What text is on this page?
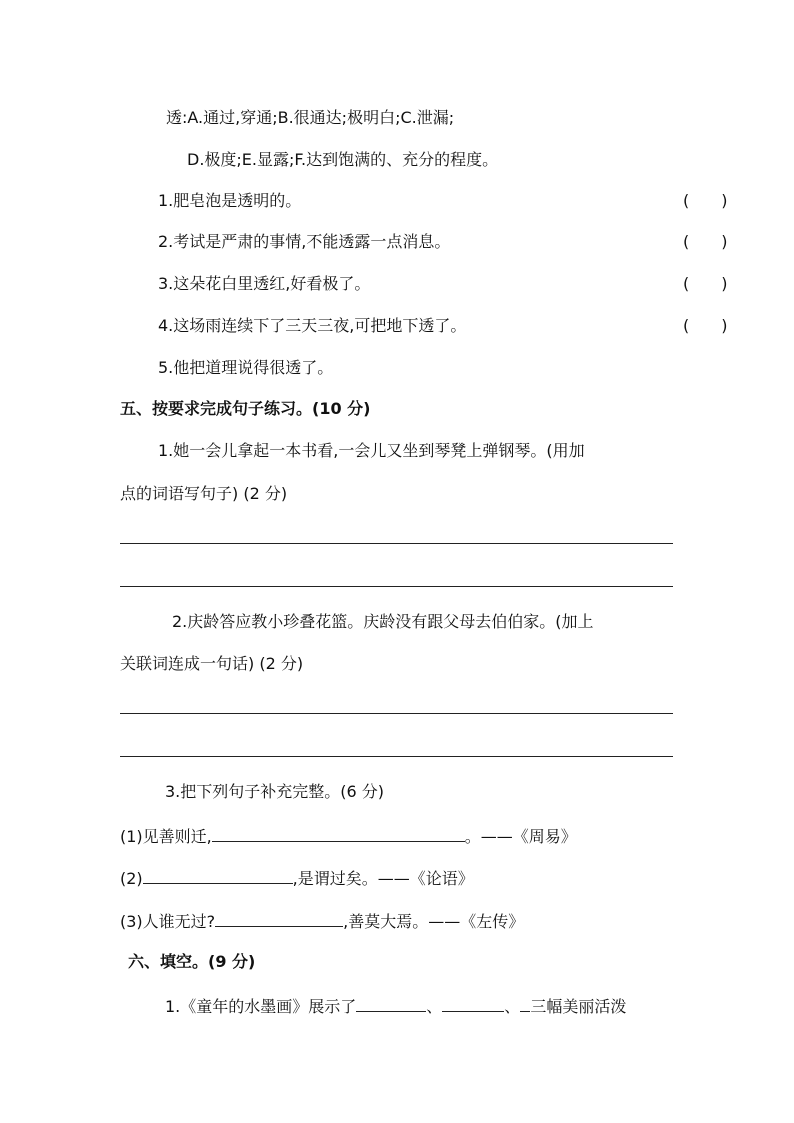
透:A.通过,穿通;B.很通达;极明白;C.泄漏;
D.极度;E.显露;F.达到饱满的、充分的程度。
1.肥皂泡是透明的。	(　　)
2.考试是严肃的事情,不能透露一点消息。	(　　)
3.这朵花白里透红,好看极了。	(　　)
4.这场雨连续下了三天三夜,可把地下透了。	(　　)
5.他把道理说得很透了。
五、按要求完成句子练习。(10 分)
1.她一会儿拿起一本书看,一会儿又坐到琴凳上弹钢琴。(用加
点的词语写句子) (2 分)
2.庆龄答应教小珍叠花篮。庆龄没有跟父母去伯伯家。(加上
关联词连成一句话) (2 分)
3.把下列句子补充完整。(6 分)
(1)见善则迁,	。——《周易》
(2)	,是谓过矣。——《论语》
(3)人谁无过?	,善莫大焉。——《左传》
六、填空。(9 分)
1.《童年的水墨画》展示了	、	、 三幅美丽活泼
